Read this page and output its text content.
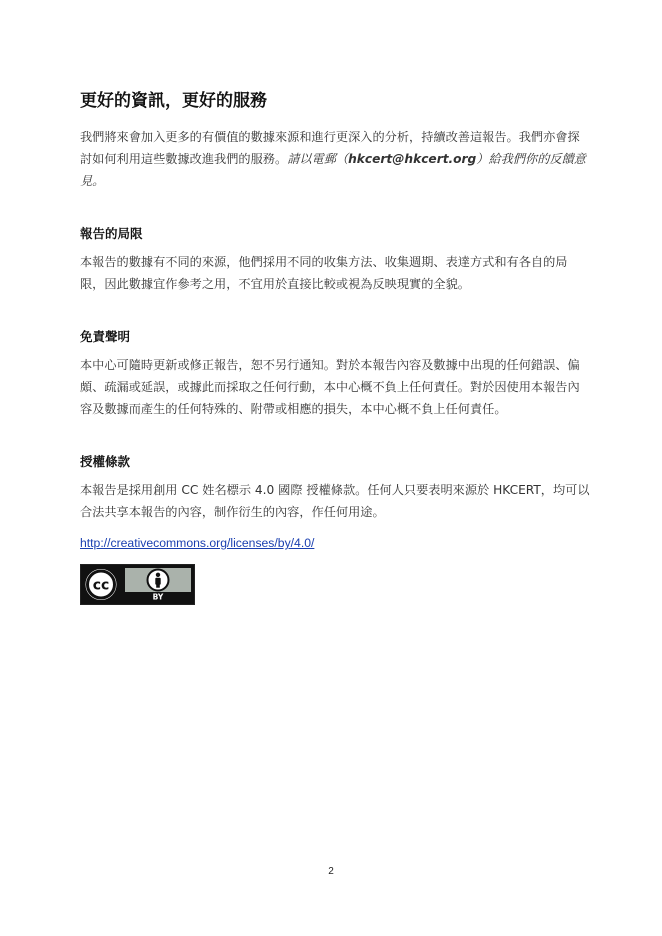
更好的資訊，更好的服務

我們將來會加入更多的有價值的數據來源和進行更深入的分析，持續改善這報告。我們亦會探討如何利用這些數據改進我們的服務。請以電郵（hkcert@hkcert.org）給我們你的反饋意見。

報告的局限

本報告的數據有不同的來源，他們採用不同的收集方法、收集週期、表達方式和有各自的局限，因此數據宜作參考之用，不宜用於直接比較或視為反映現實的全貌。

免責聲明

本中心可隨時更新或修正報告，恕不另行通知。對於本報告內容及數據中出現的任何錯誤、偏頗、疏漏或延誤，或據此而採取之任何行動，本中心概不負上任何責任。對於因使用本報告內容及數據而產生的任何特殊的、附帶或相應的損失，本中心概不負上任何責任。

授權條款

本報告是採用創用 CC 姓名標示 4.0 國際 授權條款。任何人只要表明來源於 HKCERT，均可以合法共享本報告的內容，制作衍生的內容，作任何用途。

http://creativecommons.org/licenses/by/4.0/
cc
BY
2
